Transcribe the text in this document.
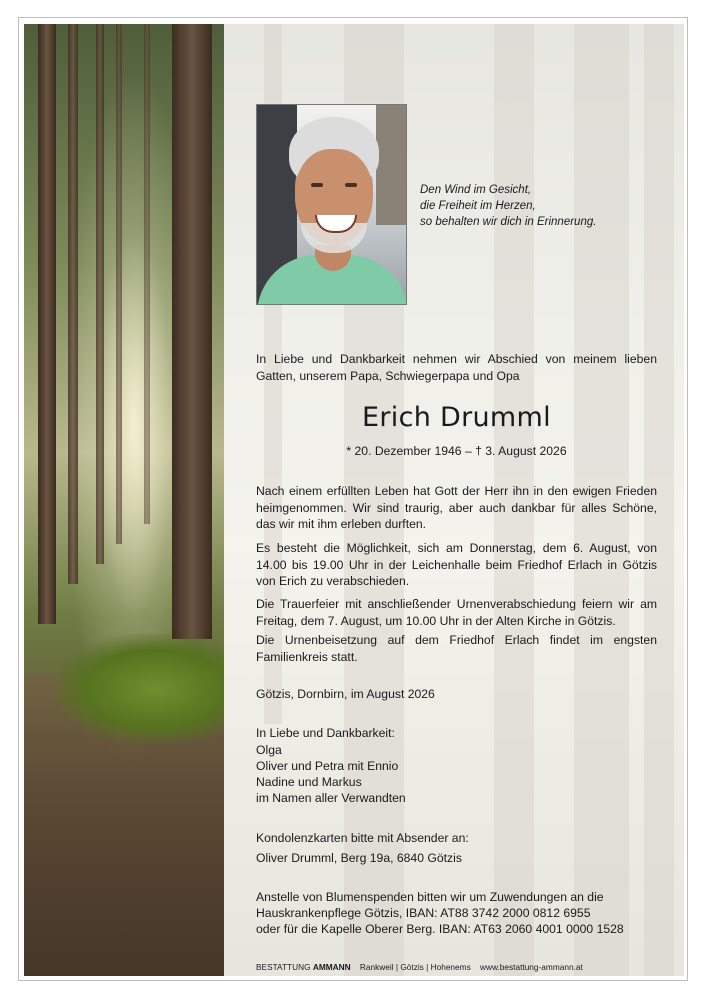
Den Wind im Gesicht,
die Freiheit im Herzen,
so behalten wir dich in Erinnerung.
In Liebe und Dankbarkeit nehmen wir Abschied von meinem lieben Gatten, unserem Papa, Schwiegerpapa und Opa
Erich Drumml
* 20. Dezember 1946 – † 3. August 2026
Nach einem erfüllten Leben hat Gott der Herr ihn in den ewigen Frieden heimgenommen. Wir sind traurig, aber auch dankbar für alles Schöne, das wir mit ihm erleben durften.
Es besteht die Möglichkeit, sich am Donnerstag, dem 6. August, von 14.00 bis 19.00 Uhr in der Leichenhalle beim Friedhof Erlach in Götzis von Erich zu verabschieden.
Die Trauerfeier mit anschließender Urnenverabschiedung feiern wir am Freitag, dem 7. August, um 10.00 Uhr in der Alten Kirche in Götzis.
Die Urnenbeisetzung auf dem Friedhof Erlach findet im engsten Familienkreis statt.
Götzis, Dornbirn, im August 2026
In Liebe und Dankbarkeit:
Olga
Oliver und Petra mit Ennio
Nadine und Markus
im Namen aller Verwandten
Kondolenzkarten bitte mit Absender an:
Oliver Drumml, Berg 19a, 6840 Götzis
Anstelle von Blumenspenden bitten wir um Zuwendungen an die
Hauskrankenpflege Götzis, IBAN: AT88 3742 2000 0812 6955
oder für die Kapelle Oberer Berg. IBAN: AT63 2060 4001 0000 1528
BESTATTUNG AMMANN Rankweil | Götzis | Hohenems www.bestattung-ammann.at
